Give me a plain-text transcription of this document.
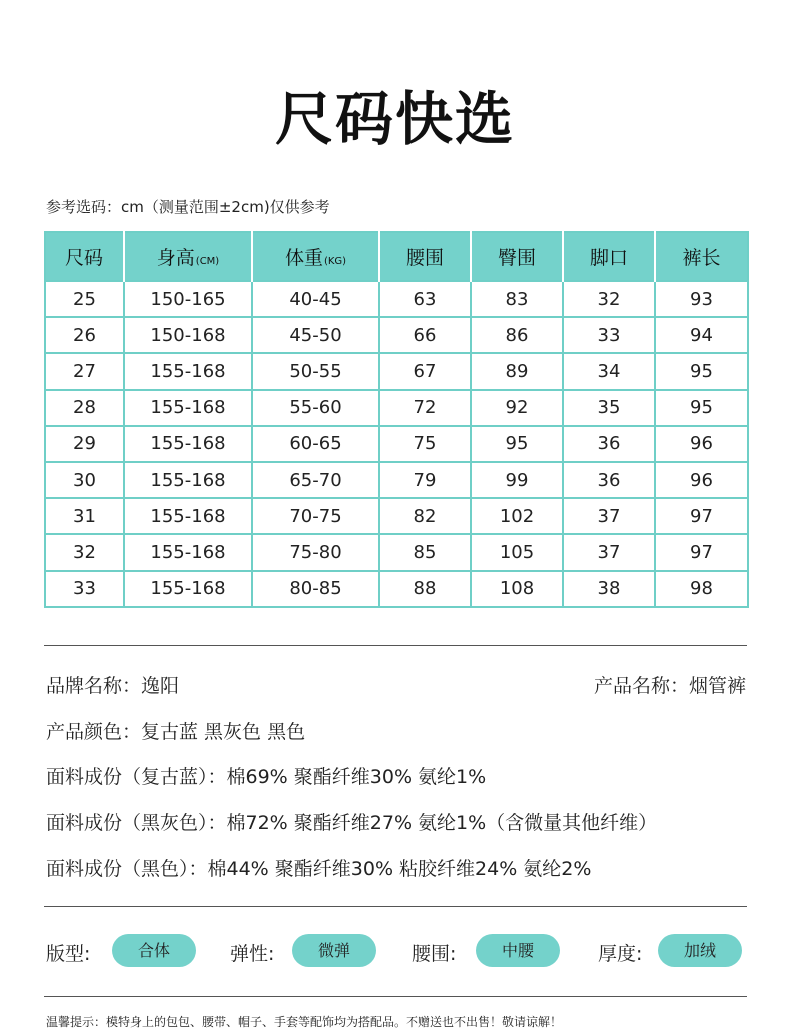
尺码快选
参考选码：cm（测量范围±2cm)仅供参考
尺码	身高(CM)	体重(KG)	腰围	臀围	脚口	裤长
25	150-165	40-45	63	83	32	93
26	150-168	45-50	66	86	33	94
27	155-168	50-55	67	89	34	95
28	155-168	55-60	72	92	35	95
29	155-168	60-65	75	95	36	96
30	155-168	65-70	79	99	36	96
31	155-168	70-75	82	102	37	97
32	155-168	75-80	85	105	37	97
33	155-168	80-85	88	108	38	98
品牌名称：逸阳	产品名称：烟管裤
产品颜色：复古蓝 黑灰色 黑色
面料成份（复古蓝）：棉69% 聚酯纤维30% 氨纶1%
面料成份（黑灰色）：棉72% 聚酯纤维27% 氨纶1%（含微量其他纤维）
面料成份（黑色）：棉44% 聚酯纤维30% 粘胶纤维24% 氨纶2%
版型:	合体	弹性:	微弹	腰围:	中腰	厚度:	加绒
温馨提示：模特身上的包包、腰带、帽子、手套等配饰均为搭配品。不赠送也不出售！敬请谅解！
